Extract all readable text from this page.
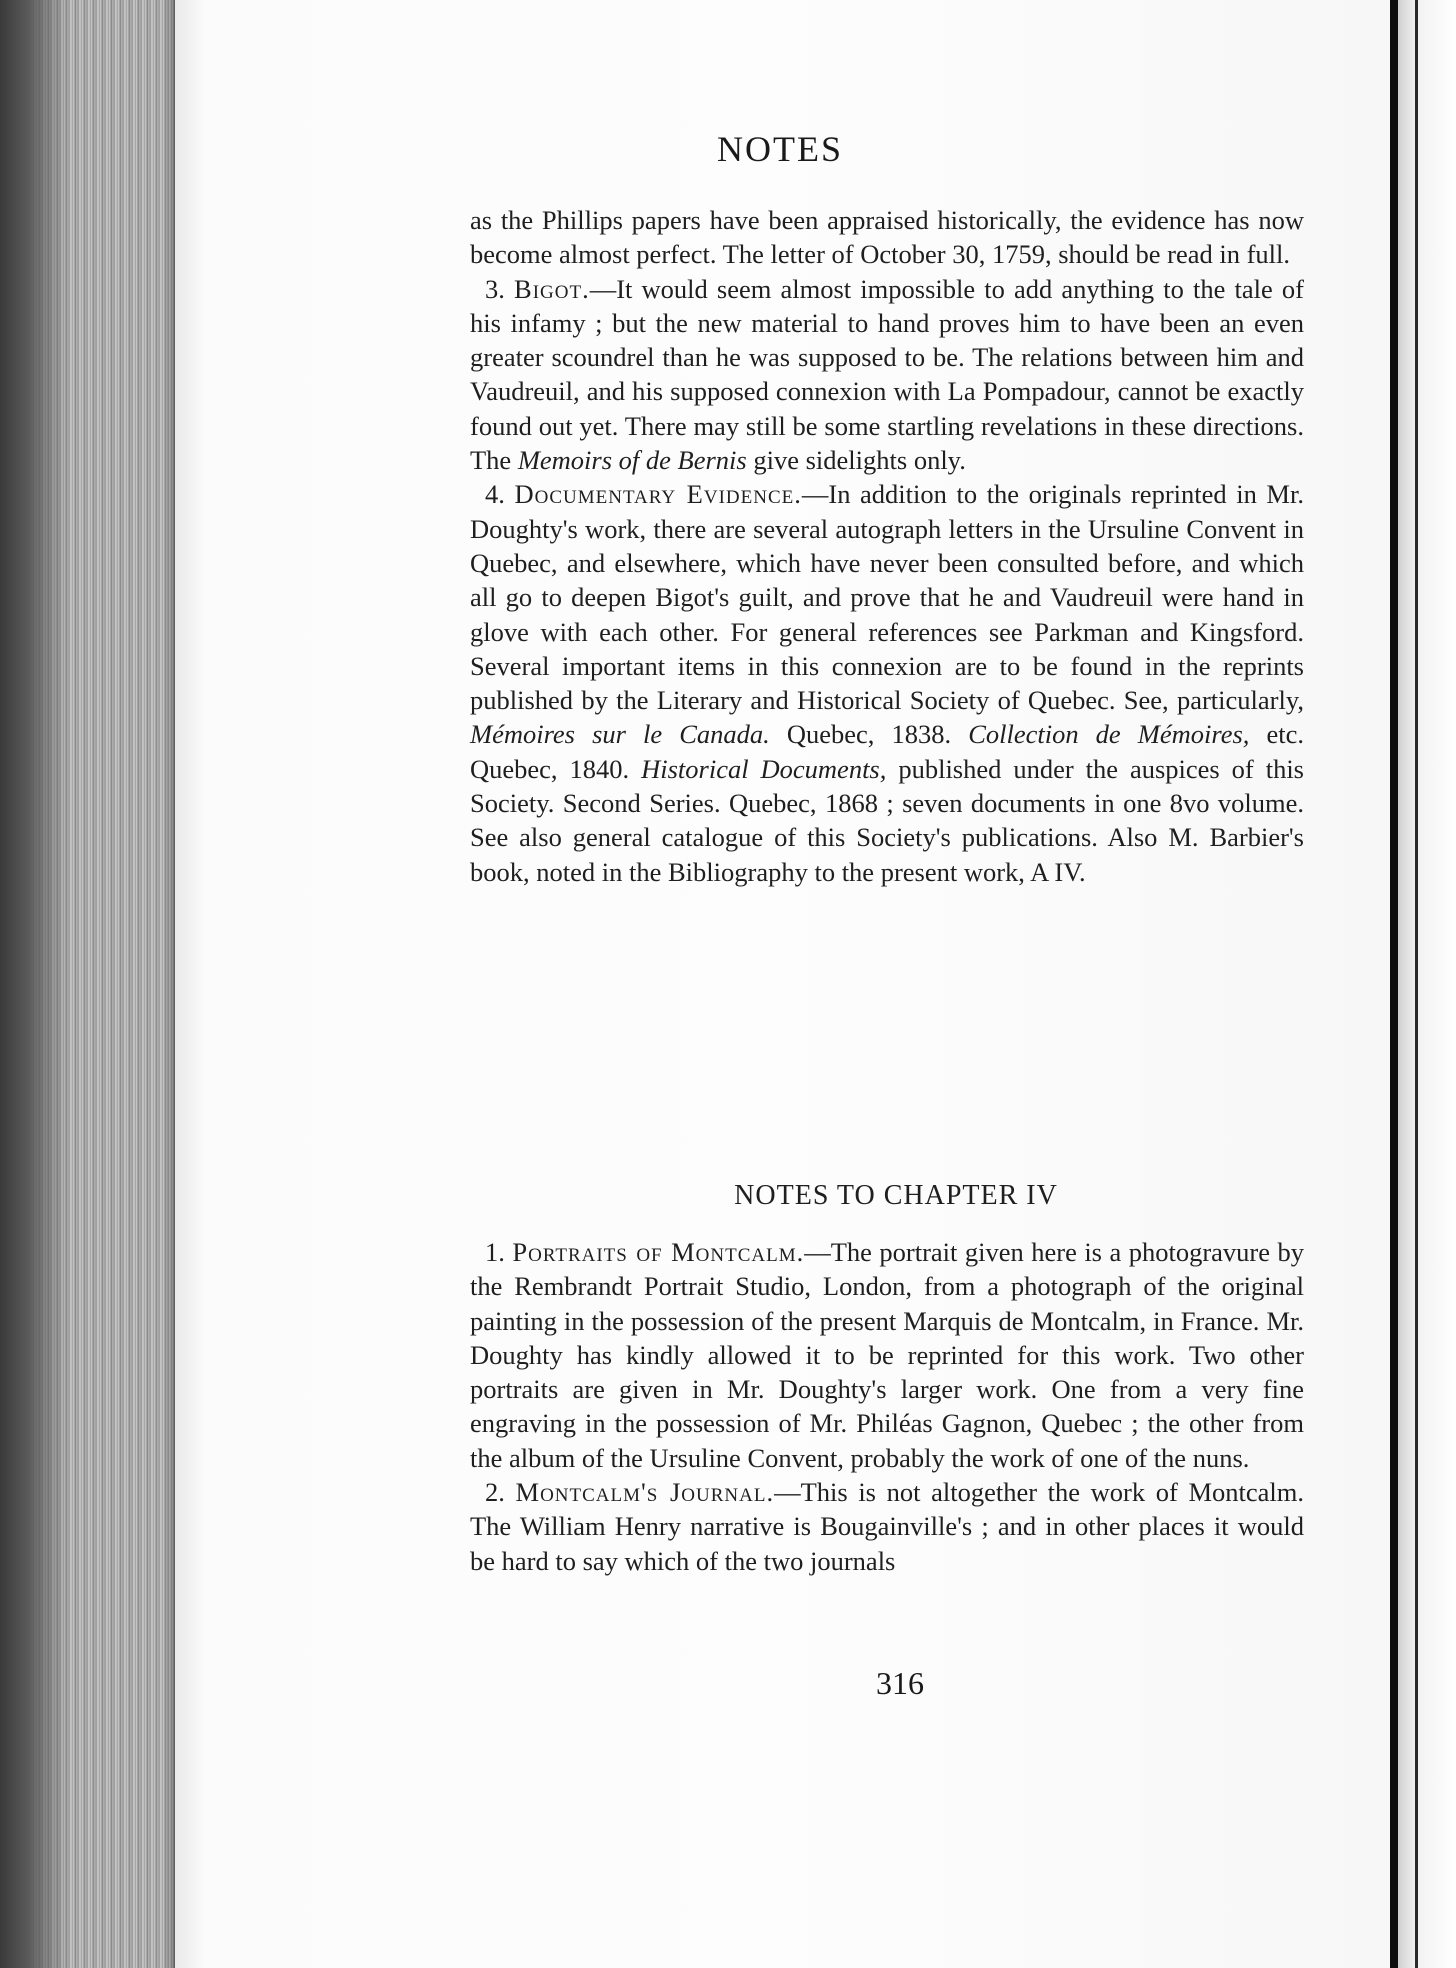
NOTES

as the Phillips papers have been appraised historically, the evidence has now become almost perfect. The letter of October 30, 1759, should be read in full.

3. Bigot.—It would seem almost impossible to add anything to the tale of his infamy ; but the new material to hand proves him to have been an even greater scoundrel than he was supposed to be. The relations between him and Vaudreuil, and his supposed connexion with La Pompadour, cannot be exactly found out yet. There may still be some startling revelations in these directions. The Memoirs of de Bernis give sidelights only.

4. Documentary Evidence.—In addition to the originals reprinted in Mr. Doughty's work, there are several autograph letters in the Ursuline Convent in Quebec, and elsewhere, which have never been consulted before, and which all go to deepen Bigot's guilt, and prove that he and Vaudreuil were hand in glove with each other. For general references see Parkman and Kingsford. Several important items in this connexion are to be found in the reprints published by the Literary and Historical Society of Quebec. See, particularly, Mémoires sur le Canada. Quebec, 1838. Collection de Mémoires, etc. Quebec, 1840. Historical Documents, published under the auspices of this Society. Second Series. Quebec, 1868 ; seven documents in one 8vo volume. See also general catalogue of this Society's publications. Also M. Barbier's book, noted in the Bibliography to the present work, A IV.

NOTES TO CHAPTER IV

1. Portraits of Montcalm.—The portrait given here is a photogravure by the Rembrandt Portrait Studio, London, from a photograph of the original painting in the possession of the present Marquis de Montcalm, in France. Mr. Doughty has kindly allowed it to be reprinted for this work. Two other portraits are given in Mr. Doughty's larger work. One from a very fine engraving in the possession of Mr. Philéas Gagnon, Quebec ; the other from the album of the Ursuline Convent, probably the work of one of the nuns.

2. Montcalm's Journal.—This is not altogether the work of Montcalm. The William Henry narrative is Bougainville's ; and in other places it would be hard to say which of the two journals

316
